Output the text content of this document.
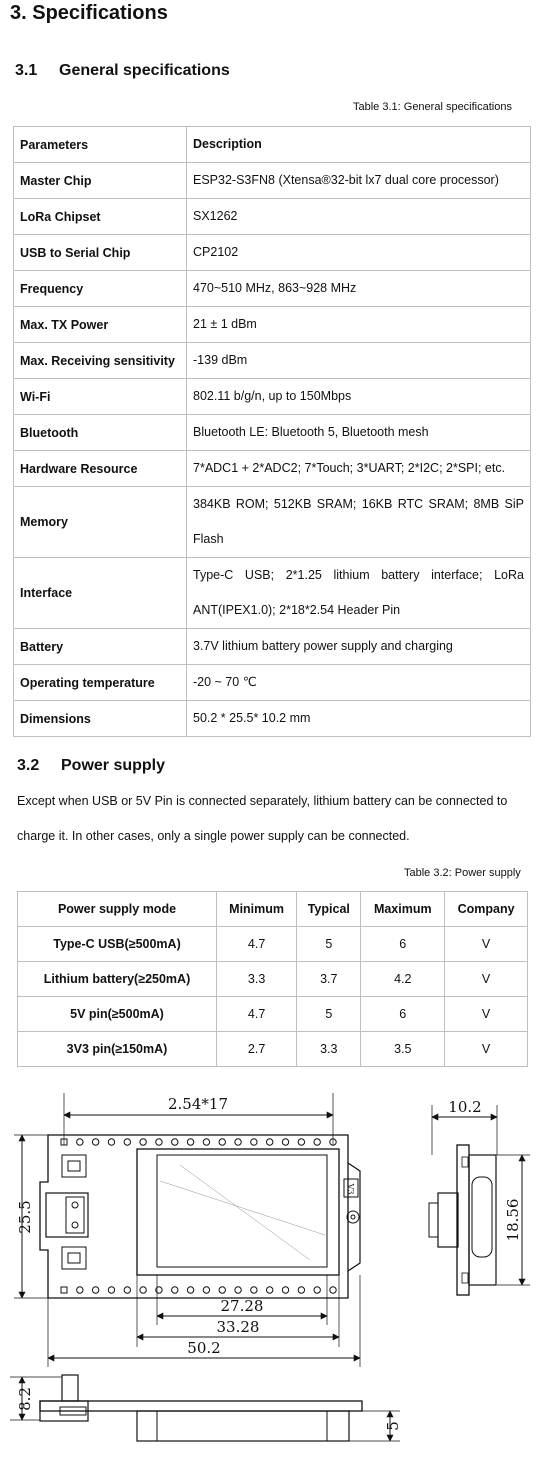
3. Specifications
3.1 General specifications
Table 3.1: General specifications
Parameters	Description
Master Chip	ESP32-S3FN8 (Xtensa®32-bit lx7 dual core processor)
LoRa Chipset	SX1262
USB to Serial Chip	CP2102
Frequency	470~510 MHz, 863~928 MHz
Max. TX Power	21 ± 1 dBm
Max. Receiving sensitivity	-139 dBm
Wi-Fi	802.11 b/g/n, up to 150Mbps
Bluetooth	Bluetooth LE: Bluetooth 5, Bluetooth mesh
Hardware Resource	7*ADC1 + 2*ADC2; 7*Touch; 3*UART; 2*I2C; 2*SPI; etc.
Memory	384KB ROM; 512KB SRAM; 16KB RTC SRAM; 8MB SiP Flash
Interface	Type-C USB; 2*1.25 lithium battery interface; LoRa ANT(IPEX1.0); 2*18*2.54 Header Pin
Battery	3.7V lithium battery power supply and charging
Operating temperature	-20 ~ 70 ℃
Dimensions	50.2 * 25.5* 10.2 mm
3.2 Power supply

Except when USB or 5V Pin is connected separately, lithium battery can be connected to charge it. In other cases, only a single power supply can be connected.

Table 3.2: Power supply
Power supply mode	Minimum	Typical	Maximum	Company
Type-C USB(≥500mA)	4.7	5	6	V
Lithium battery(≥250mA)	3.3	3.7	4.2	V
5V pin(≥500mA)	4.7	5	6	V
3V3 pin(≥150mA)	2.7	3.3	3.5	V
2.54*17
25.5
27.28
33.28
50.2
10.2
18.56
8.2
5
V3
